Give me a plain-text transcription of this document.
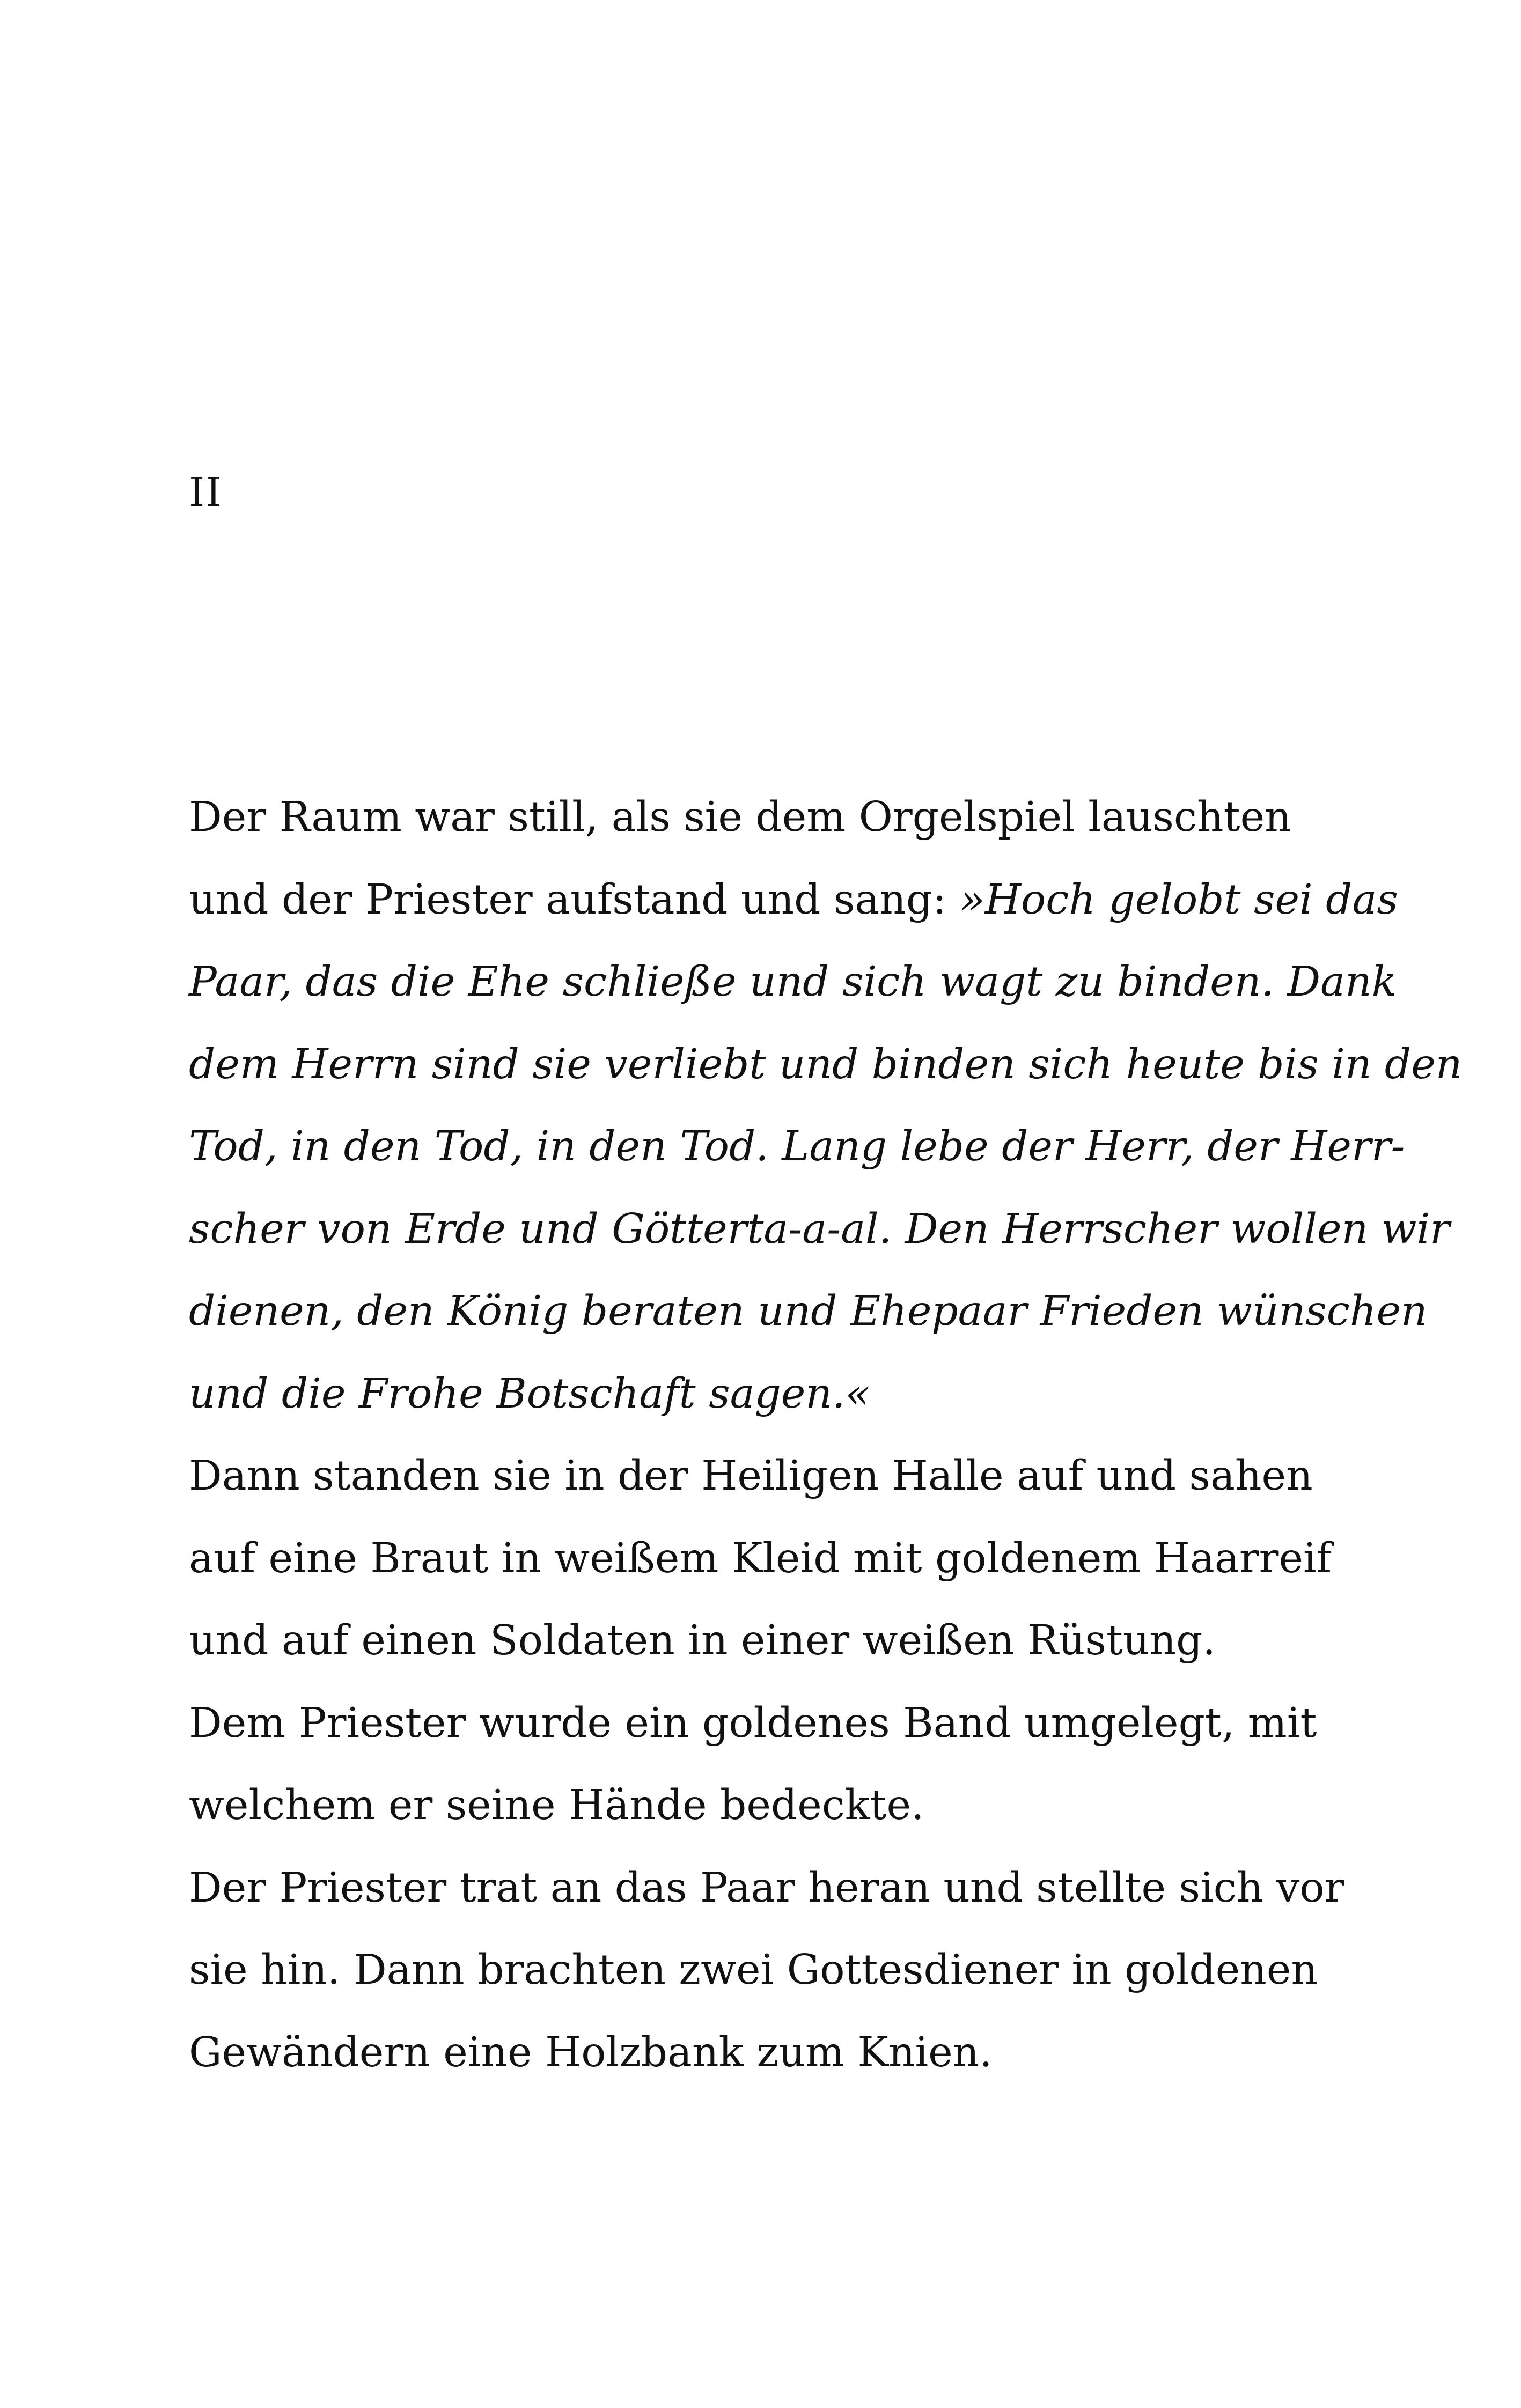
II
Der Raum war still, als sie dem Orgelspiel lauschten
und der Priester aufstand und sang: »Hoch gelobt sei das
Paar, das die Ehe schließe und sich wagt zu binden. Dank
dem Herrn sind sie verliebt und binden sich heute bis in den
Tod, in den Tod, in den Tod. Lang lebe der Herr, der Herr-
scher von Erde und Götterta-a-al. Den Herrscher wollen wir
dienen, den König beraten und Ehepaar Frieden wünschen
und die Frohe Botschaft sagen.«
Dann standen sie in der Heiligen Halle auf und sahen
auf eine Braut in weißem Kleid mit goldenem Haarreif
und auf einen Soldaten in einer weißen Rüstung.
Dem Priester wurde ein goldenes Band umgelegt, mit
welchem er seine Hände bedeckte.
Der Priester trat an das Paar heran und stellte sich vor
sie hin. Dann brachten zwei Gottesdiener in goldenen
Gewändern eine Holzbank zum Knien.
